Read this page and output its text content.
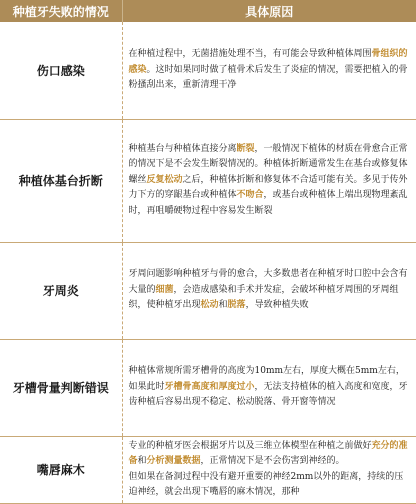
种植牙失败的情况	具体原因
伤口感染	在种植过程中，无菌措施处理不当，有可能会导致种植体周围骨组织的感染。这时如果同时做了植骨术后发生了炎症的情况，需要把植入的骨粉搔刮出来，重新清理干净
种植体基台折断	种植基台与种植体直接分离断裂，一般情况下植体的材质在骨愈合正常的情况下是不会发生断裂情况的。种植体折断通常发生在基台或修复体螺丝反复松动之后，种植体折断和修复体不合适可能有关。多见于传外力下方的穿龈基台或种植体不吻合，或基台或种植体上端出现物理紊乱时，再咀嚼硬物过程中容易发生断裂
牙周炎	牙周问题影响种植牙与骨的愈合，大多数患者在种植牙时口腔中会含有大量的细菌，会造成感染和手术并发症，会破坏种植牙周围的牙周组织，使种植牙出现松动和脱落，导致种植失败
牙槽骨量判断错误	种植体常规所需牙槽骨的高度为10mm左右，厚度大概在5mm左右，如果此时牙槽骨高度和厚度过小，无法支持植体的植入高度和宽度，牙齿种植后容易出现不稳定、松动脱落、骨开窗等情况
嘴唇麻木	专业的种植牙医会根据牙片以及三维立体模型在种植之前做好充分的准备和分析测量数据，正常情况下是不会伤害到神经的。
但如果在备洞过程中没有避开重要的神经2mm以外的距离，持续的压迫神经，就会出现下嘴唇的麻木情况，那种
